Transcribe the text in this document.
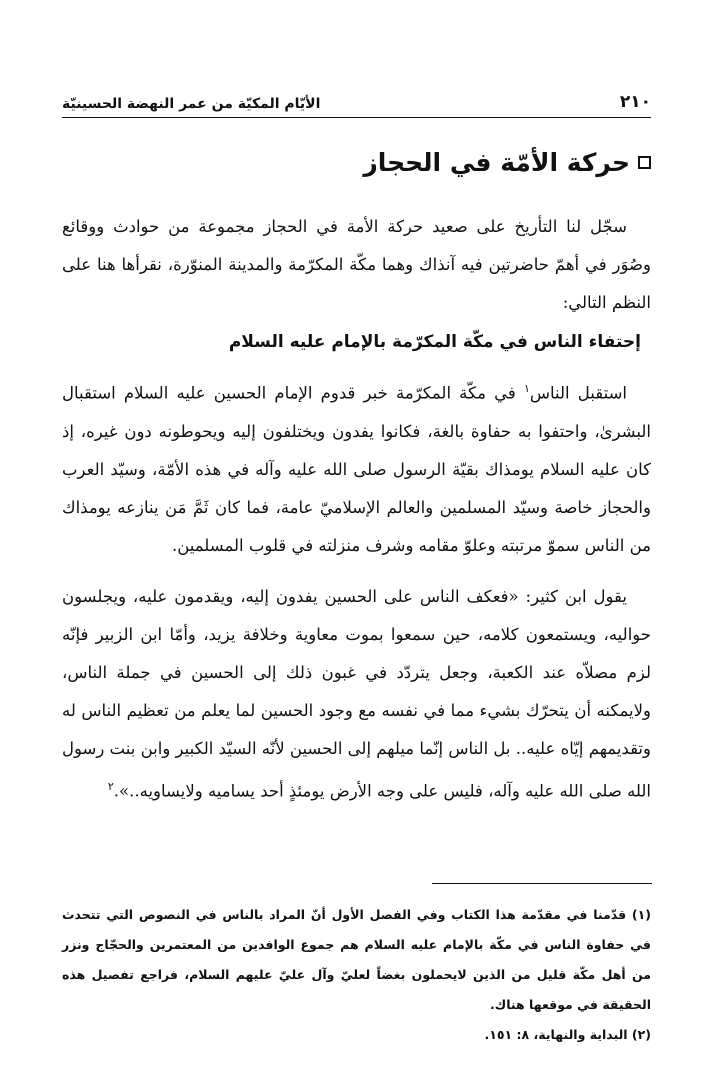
٢١٠
الأيّام المكيّة من عمر النهضة الحسينيّة
حركة الأمّة في الحجاز

سجّل لنا التأريخ على صعيد حركة الأمة في الحجاز مجموعة من حوادث ووقائع وصُوَر في أهمّ حاضرتين فيه آنذاك وهما مكّة المكرّمة والمدينة المنوّرة، نقرأها هنا على النظم التالي:

إحتفاء الناس في مكّة المكرّمة بالإمام عليه السلام

استقبل الناس$^١$ في مكّة المكرّمة خبر قدوم الإمام الحسين عليه السلام استقبال البشرىٰ، واحتفوا به حفاوة بالغة، فكانوا يفدون ويختلفون إليه ويحوطونه دون غيره، إذ كان عليه السلام يومذاك بقيّة الرسول صلى الله عليه وآله في هذه الأمّة، وسيّد العرب والحجاز خاصة وسيّد المسلمين والعالم الإسلاميّ عامة، فما كان ثَمَّ مَن ينازعه يومذاك من الناس سموّ مرتبته وعلوّ مقامه وشرف منزلته في قلوب المسلمين.

يقول ابن كثير: «فعكف الناس على الحسين يفدون إليه، ويقدمون عليه، ويجلسون حواليه، ويستمعون كلامه، حين سمعوا بموت معاوية وخلافة يزيد، وأمّا ابن الزبير فإنّه لزم مصلاّه عند الكعبة، وجعل يتردّد في غبون ذلك إلى الحسين في جملة الناس، ولايمكنه أن يتحرّك بشيء مما في نفسه مع وجود الحسين لما يعلم من تعظيم الناس له وتقديمهم إيّاه عليه.. بل الناس إنّما ميلهم إلى الحسين لأنّه السيّد الكبير وابن بنت رسول الله صلى الله عليه وآله، فليس على وجه الأرض يومئذٍ أحد يساميه ولايساويه..».$^٢$

(١) قدّمنا في مقدّمة هذا الكتاب وفي الفصل الأول أنّ المراد بالناس في النصوص التي تتحدث في حفاوة الناس في مكّة بالإمام عليه السلام هم جموع الوافدين من المعتمرين والحجّاج ونزر من أهل مكّة قليل من الذين لايحملون بغضاً لعليّ وآل عليّ عليهم السلام، فراجع تفصيل هذه الحقيقة في موقعها هناك.

(٢) البداية والنهاية، ٨: ١٥١.
